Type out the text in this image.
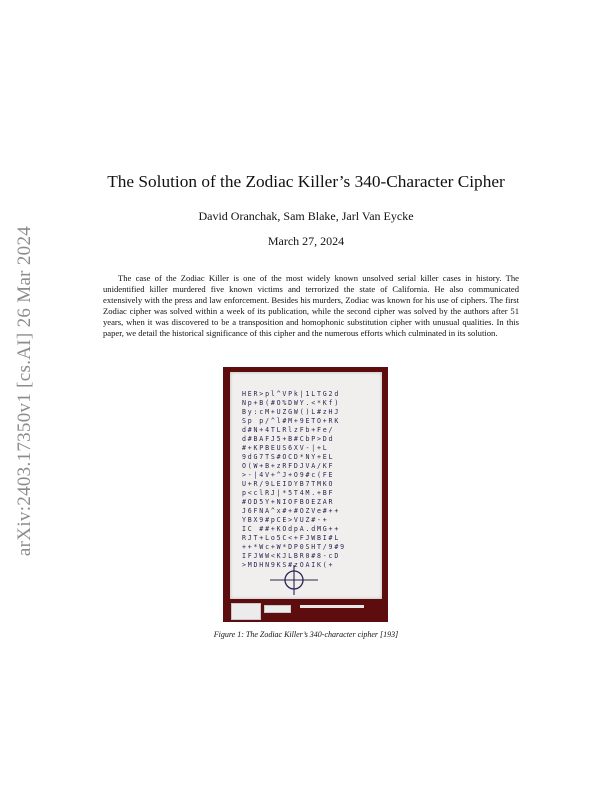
arXiv:2403.17350v1 [cs.AI] 26 Mar 2024
The Solution of the Zodiac Killer’s 340-Character Cipher
David Oranchak, Sam Blake, Jarl Van Eycke
March 27, 2024

The case of the Zodiac Killer is one of the most widely known unsolved serial killer cases in history. The unidentified killer murdered five known victims and terrorized the state of California. He also communicated extensively with the press and law enforcement. Besides his murders, Zodiac was known for his use of ciphers. The first Zodiac cipher was solved within a week of its publication, while the second cipher was solved by the authors after 51 years, when it was discovered to be a transposition and homophonic substitution cipher with unusual qualities. In this paper, we detail the historical significance of this cipher and the numerous efforts which culminated in its solution.

HER>pl^VPk|1LTG2d
Np+B(#O%DWY.<*Kf)
By:cM+UZGW()L#zHJ
Sp p/^l#M+9ETO+RK
d#N+4TLRlzFb+Fe/
d#BAFJ5+B#CbP>Dd
#+KPBEUS6XV-|+L
9dG7TS#OCD*NY+EL
O(W+B+zRFDJVA/KF
>-|4V+^J+O9#c(FE
U+R/9LEIDYB7TMKO
p<clRJ|*5T4M.+BF
#OD5Y+NIOFBOEZAR
J6FNA^x#+#OZVe#++
YBX9#pCE>VUZ#-+
IC ##+KOdpA.dMG++
RJT+Lo5C<+FJWBI#L
++*Wc+W*DP0SHT/9#9
IFJWW<KJLBR0#8-cD
>MDHN9KS#zOAIK(+
Figure 1: The Zodiac Killer’s 340-character cipher [193]
